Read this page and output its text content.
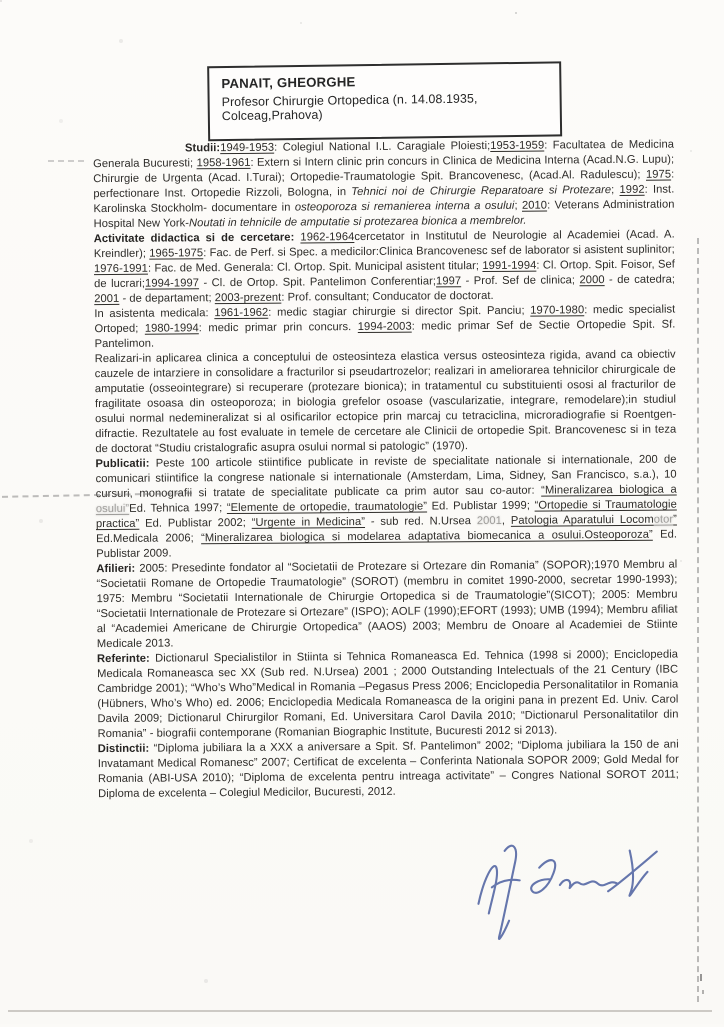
PANAIT, GHEORGHE
Profesor Chirurgie Ortopedica (n. 14.08.1935, Colceag,Prahova)

Studii:1949-1953: Colegiul National I.L. Caragiale Ploiesti;1953-1959: Facultatea de Medicina Generala Bucuresti; 1958-1961: Extern si Intern clinic prin concurs in Clinica de Medicina Interna (Acad.N.G. Lupu); Chirurgie de Urgenta (Acad. I.Turai); Ortopedie-Traumatologie Spit. Brancovenesc, (Acad.Al. Radulescu); 1975: perfectionare Inst. Ortopedie Rizzoli, Bologna, in Tehnici noi de Chirurgie Reparatoare si Protezare; 1992: Inst. Karolinska Stockholm- documentare in osteoporoza si remanierea interna a osului; 2010: Veterans Administration Hospital New York-Noutati in tehnicile de amputatie si protezarea bionica a membrelor.

Activitate didactica si de cercetare: 1962-1964cercetator in Institutul de Neurologie al Academiei (Acad. A. Kreindler); 1965-1975: Fac. de Perf. si Spec. a medicilor:Clinica Brancovenesc sef de laborator si asistent suplinitor; 1976-1991: Fac. de Med. Generala: Cl. Ortop. Spit. Municipal asistent titular; 1991-1994: Cl. Ortop. Spit. Foisor, Sef de lucrari;1994-1997 - Cl. de Ortop. Spit. Pantelimon Conferentiar;1997 - Prof. Sef de clinica; 2000 - de catedra; 2001 - de departament; 2003-prezent: Prof. consultant; Conducator de doctorat.

In asistenta medicala: 1961-1962: medic stagiar chirurgie si director Spit. Panciu; 1970-1980: medic specialist Ortoped; 1980-1994: medic primar prin concurs. 1994-2003: medic primar Sef de Sectie Ortopedie Spit. Sf. Pantelimon.

Realizari-in aplicarea clinica a conceptului de osteosinteza elastica versus osteosinteza rigida, avand ca obiectiv cauzele de intarziere in consolidare a fracturilor si pseudartrozelor; realizari in ameliorarea tehnicilor chirurgicale de amputatie (osseointegrare) si recuperare (protezare bionica); in tratamentul cu substituienti ososi al fracturilor de fragilitate osoasa din osteoporoza; in biologia grefelor osoase (vascularizatie, integrare, remodelare);in studiul osului normal nedemineralizat si al osificarilor ectopice prin marcaj cu tetraciclina, microradiografie si Roentgen-difractie. Rezultatele au fost evaluate in temele de cercetare ale Clinicii de ortopedie Spit. Brancovenesc si in teza de doctorat “Studiu cristalografic asupra osului normal si patologic” (1970).

Publicatii: Peste 100 articole stiintifice publicate in reviste de specialitate nationale si internationale, 200 de comunicari stiintifice la congrese nationale si internationale (Amsterdam, Lima, Sidney, San Francisco, s.a.), 10 cursuri, monografii si tratate de specialitate publicate ca prim autor sau co-autor: “Mineralizarea biologica a osului”Ed. Tehnica 1997; “Elemente de ortopedie, traumatologie” Ed. Publistar 1999; “Ortopedie si Traumatologie practica” Ed. Publistar 2002; “Urgente in Medicina” - sub red. N.Ursea 2001, Patologia Aparatului Locomotor” Ed.Medicala 2006; “Mineralizarea biologica si modelarea adaptativa biomecanica a osului.Osteoporoza” Ed. Publistar 2009.

Afilieri: 2005: Presedinte fondator al “Societatii de Protezare si Ortezare din Romania” (SOPOR);1970 Membru al “Societatii Romane de Ortopedie Traumatologie” (SOROT) (membru in comitet 1990-2000, secretar 1990-1993); 1975: Membru “Societatii Internationale de Chirurgie Ortopedica si de Traumatologie”(SICOT); 2005: Membru “Societatii Internationale de Protezare si Ortezare” (ISPO); AOLF (1990);EFORT (1993); UMB (1994); Membru afiliat al “Academiei Americane de Chirurgie Ortopedica” (AAOS) 2003; Membru de Onoare al Academiei de Stiinte Medicale 2013.

Referinte: Dictionarul Specialistilor in Stiinta si Tehnica Romaneasca Ed. Tehnica (1998 si 2000); Enciclopedia Medicala Romaneasca sec XX (Sub red. N.Ursea) 2001 ; 2000 Outstanding Intelectuals of the 21 Century (IBC Cambridge 2001); “Who’s Who”Medical in Romania –Pegasus Press 2006; Enciclopedia Personalitatilor in Romania (Hübners, Who’s Who) ed. 2006; Enciclopedia Medicala Romaneasca de la origini pana in prezent Ed. Univ. Carol Davila 2009; Dictionarul Chirurgilor Romani, Ed. Universitara Carol Davila 2010; “Dictionarul Personalitatilor din Romania” - biografii contemporane (Romanian Biographic Institute, Bucuresti 2012 si 2013).

Distinctii: “Diploma jubiliara la a XXX a aniversare a Spit. Sf. Pantelimon” 2002; “Diploma jubiliara la 150 de ani Invatamant Medical Romanesc” 2007; Certificat de excelenta – Conferinta Nationala SOPOR 2009; Gold Medal for Romania (ABI-USA 2010); “Diploma de excelenta pentru intreaga activitate” – Congres National SOROT 2011; Diploma de excelenta – Colegiul Medicilor, Bucuresti, 2012.
